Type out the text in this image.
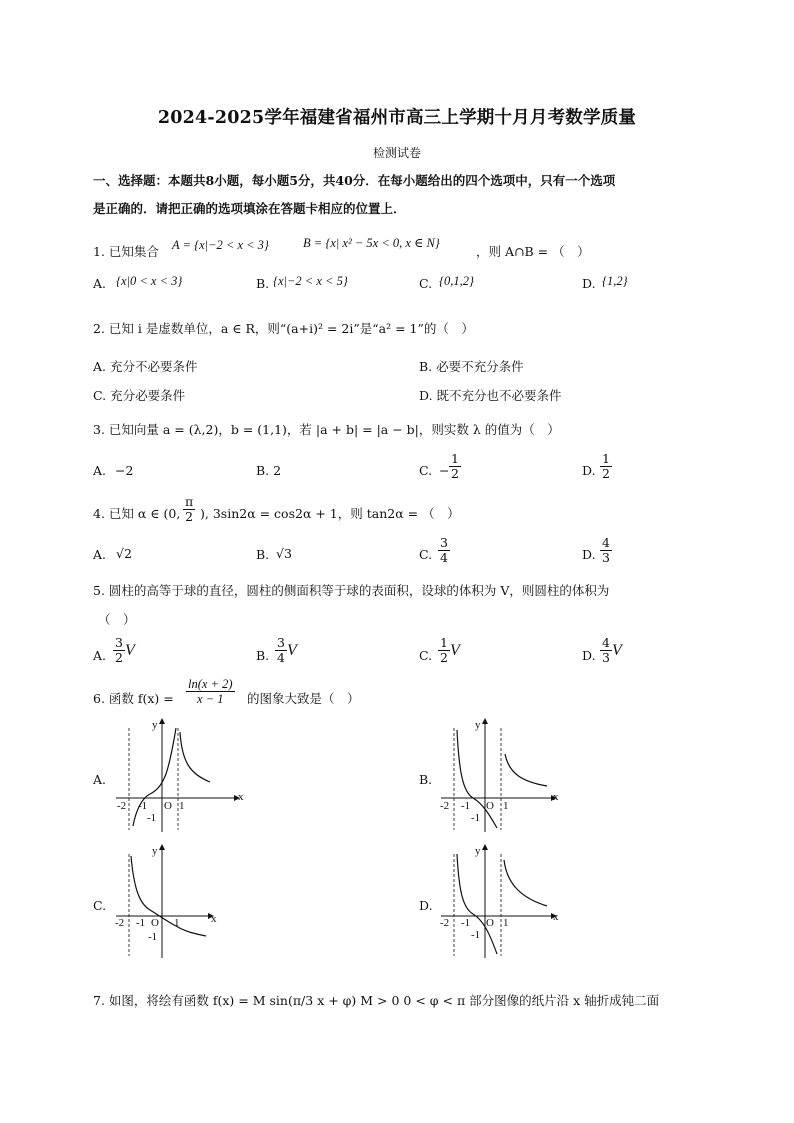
2024-2025学年福建省福州市高三上学期十月月考数学质量
检测试卷
一、选择题：本题共8小题，每小题5分，共40分．在每小题给出的四个选项中，只有一个选项
是正确的．请把正确的选项填涂在答题卡相应的位置上．
1. 已知集合 A = {x|−2 < x < 3}	B = {x| x² − 5x < 0, x ∈ N}
，则 A∩B = （　）
A. {x|0 < x < 3}	B. {x|−2 < x < 5}	C. {0,1,2}	D. {1,2}
2. 已知 i 是虚数单位，a ∈ R，则“(a+i)² = 2i”是“a² = 1”的（　）
A. 充分不必要条件	B. 必要不充分条件
C. 充分必要条件	D. 既不充分也不必要条件
3. 已知向量 a = (λ,2)，b = (1,1)，若 |a + b| = |a − b|，则实数 λ 的值为（　）
A. −2	B. 2	C. − $\frac{1}{2}$	D. $\frac{1}{2}$
4. 已知 α ∈ (0, $\frac{\pi}{2}$ ), 3sin2α = cos2α + 1，则 tan2α = （　）
A. √2	B. √3	C. $\frac{3}{4}$	D. $\frac{4}{3}$
5. 圆柱的高等于球的直径，圆柱的侧面积等于球的表面积，设球的体积为 V，则圆柱的体积为
（　）
A. $\frac{3}{2}$ V	B. $\frac{3}{4}$ V	C. $\frac{1}{2}$ V	D. $\frac{4}{3}$ V
6. 函数 $f(x) = \frac{\ln(x + 2)}{x - 1}$ 的图象大致是（　）
A.	B.
C.	D.
x
y
-2 -1 O 1
-1
x
y
-2 -1 O 1
-1
x
y
-2 -1 O 1
-1
x
y
-2 -1 O 1
-1
7. 如图，将绘有函数 f(x) = M sin(π/3 x + φ) M > 0 0 < φ < π 部分图像的纸片沿 x 轴折成钝二面
